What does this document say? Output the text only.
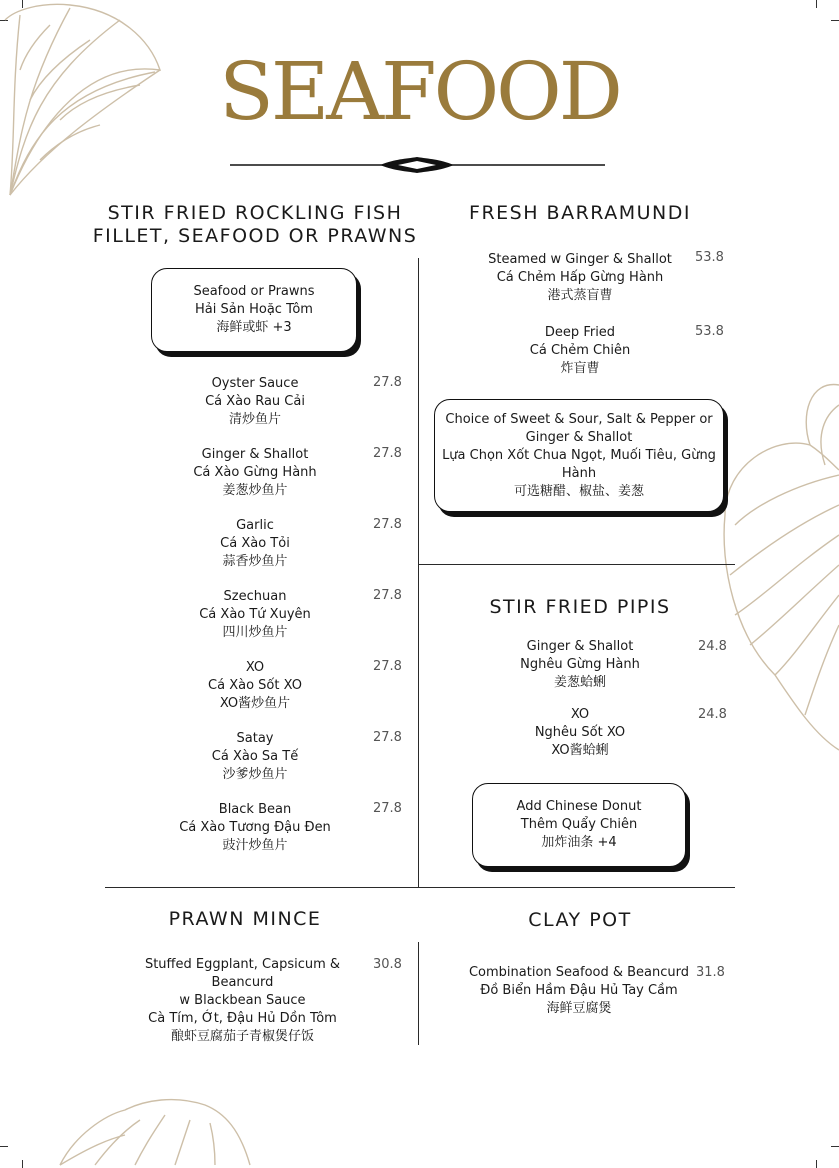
SEAFOOD
STIR FRIED ROCKLING FISH
FILLET, SEAFOOD OR PRAWNS
FRESH BARRAMUNDI
STIR FRIED PIPIS
PRAWN MINCE	CLAY POT
Seafood or Prawns
Hải Sản Hoặc Tôm
海鲜或虾 +3
Oyster Sauce
Cá Xào Rau Cải
清炒鱼片
27.8
Ginger & Shallot
Cá Xào Gừng Hành
姜葱炒鱼片
27.8
Garlic
Cá Xào Tỏi
蒜香炒鱼片
27.8
Szechuan
Cá Xào Tứ Xuyên
四川炒鱼片
27.8
XO
Cá Xào Sốt XO
XO酱炒鱼片
27.8
Satay
Cá Xào Sa Tế
沙爹炒鱼片
27.8
Black Bean
Cá Xào Tương Đậu Đen
豉汁炒鱼片
27.8
Steamed w Ginger & Shallot
Cá Chẻm Hấp Gừng Hành
港式蒸盲曹
53.8
Deep Fried
Cá Chẻm Chiên
炸盲曹
53.8
Choice of Sweet & Sour, Salt & Pepper or
Ginger & Shallot
Lựa Chọn Xốt Chua Ngọt, Muối Tiêu, Gừng
Hành
可选糖醋、椒盐、姜葱
Ginger & Shallot
Nghêu Gừng Hành
姜葱蛤蜊
24.8
XO
Nghêu Sốt XO
XO酱蛤蜊
24.8
Add Chinese Donut
Thêm Quẩy Chiên
加炸油条 +4
Stuffed Eggplant, Capsicum & Beancurd
w Blackbean Sauce
Cà Tím, Ớt, Đậu Hủ Dồn Tôm
酿虾豆腐茄子青椒煲仔饭
30.8
Combination Seafood & Beancurd
Đồ Biển Hầm Đậu Hủ Tay Cầm
海鲜豆腐煲
31.8
